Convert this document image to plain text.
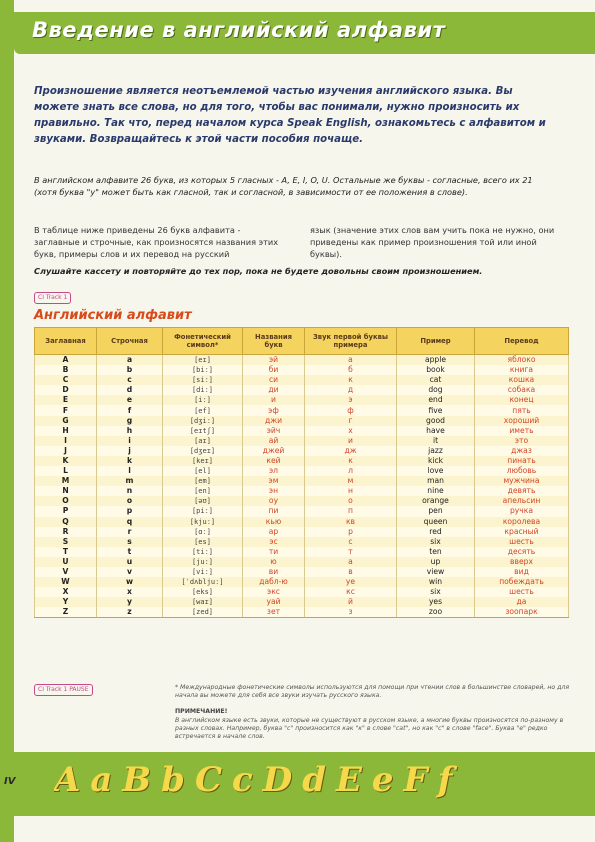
Введение в английский алфавит
Произношение является неотъемлемой частью изучения английского языка. Вы можете знать все слова, но для того, чтобы вас понимали, нужно произносить их правильно. Так что, перед началом курса Speak English, ознакомьтесь с алфавитом и звуками. Возвращайтесь к этой части пособия почаще.
В английском алфавите 26 букв, из которых 5 гласных - A, E, I, O, U. Остальные же буквы - согласные, всего их 21 (хотя буква "y" может быть как гласной, так и согласной, в зависимости от ее положения в слове).
В таблице ниже приведены 26 букв алфавита - заглавные и строчные, как произносятся названия этих букв, примеры слов и их перевод на русский
язык (значение этих слов вам учить пока не нужно, они приведены как пример произношения той или иной буквы).
Слушайте кассету и повторяйте до тех пор, пока не будете довольны своим произношением.
CI Track 1
Английский алфавит
Заглавная	Строчная	Фонетический символ*	Названия букв	Звук первой буквы примера	Пример	Перевод
A	a	[eɪ]	эй	а	apple	яблоко
B	b	[biː]	би	б	book	книга
C	c	[siː]	си	к	cat	кошка
D	d	[diː]	ди	д	dog	собака
E	e	[iː]	и	э	end	конец
F	f	[ef]	эф	ф	five	пять
G	g	[dʒiː]	джи	г	good	хороший
H	h	[eɪtʃ]	эйч	х	have	иметь
I	i	[aɪ]	ай	и	it	это
J	j	[dʒeɪ]	джей	дж	jazz	джаз
K	k	[keɪ]	кей	к	kick	пинать
L	l	[el]	эл	л	love	любовь
M	m	[em]	эм	м	man	мужчина
N	n	[en]	эн	н	nine	девять
O	o	[əʊ]	оу	о	orange	апельсин
P	p	[piː]	пи	п	pen	ручка
Q	q	[kjuː]	кью	кв	queen	королева
R	r	[ɑː]	ар	р	red	красный
S	s	[es]	эс	с	six	шесть
T	t	[tiː]	ти	т	ten	десять
U	u	[juː]	ю	а	up	вверх
V	v	[viː]	ви	в	view	вид
W	w	[ˈdʌbljuː]	дабл-ю	уе	win	побеждать
X	x	[eks]	экс	кс	six	шесть
Y	y	[waɪ]	уай	й	yes	да
Z	z	[zed]	зет	з	zoo	зоопарк
CI Track 1 PAUSE	* Международные фонетические символы используются для помощи при чтении слов в большинстве словарей, но для начала вы можете для себя все звуки изучать русского языка.
ПРИМЕЧАНИЕ!
В английском языке есть звуки, которые не существуют в русском языке, а многие буквы произносятся по-разному в разных словах. Например, буква "c" произносится как "к" в слове "cat", но как "с" в слове "face". Буква "e" редко встречается в начале слов.
A a B b C c D d E e F f
IV
